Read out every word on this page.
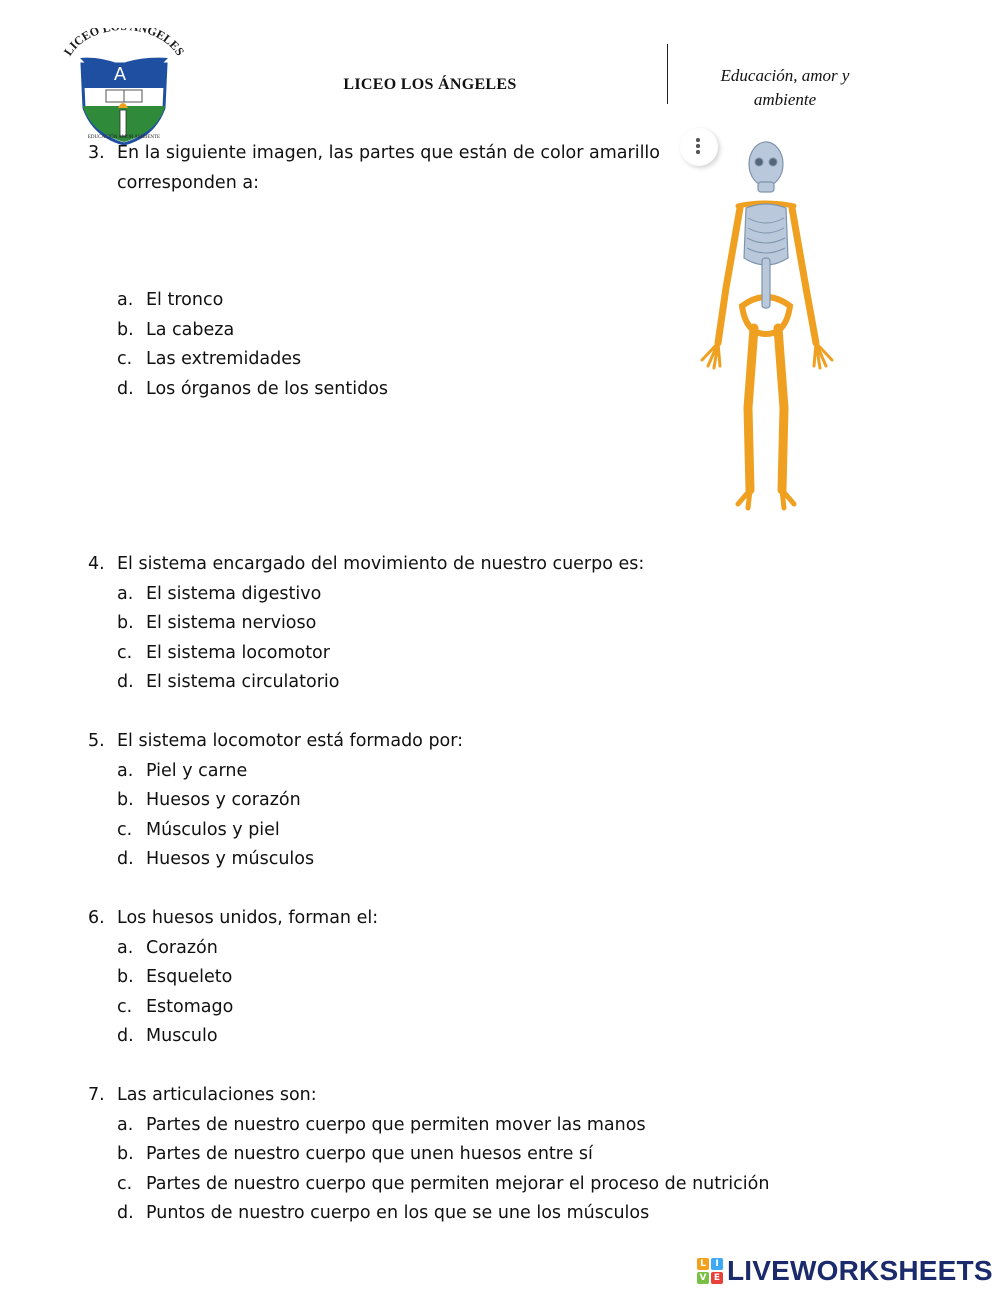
LICEO NGELES
A
EDUCACIÓN AMOR AMBIENTE
LICEO LOS ÁNGELES	Educación, amor y
ambiente
3. En la siguiente imagen, las partes que están de color amarillo
corresponden a:
a. El tronco
b. La cabeza
c. Las extremidades
d. Los órganos de los sentidos
4. El sistema encargado del movimiento de nuestro cuerpo es:
a. El sistema digestivo
b. El sistema nervioso
c. El sistema locomotor
d. El sistema circulatorio
5. El sistema locomotor está formado por:
a. Piel y carne
b. Huesos y corazón
c. Músculos y piel
d. Huesos y músculos
6. Los huesos unidos, forman el:
a. Corazón
b. Esqueleto
c. Estomago
d. Musculo
7. Las articulaciones son:
a. Partes de nuestro cuerpo que permiten mover las manos
b. Partes de nuestro cuerpo que unen huesos entre sí
c. Partes de nuestro cuerpo que permiten mejorar el proceso de nutrición
d. Puntos de nuestro cuerpo en los que se une los músculos
L	I
V E LIVEWORKSHEETS
